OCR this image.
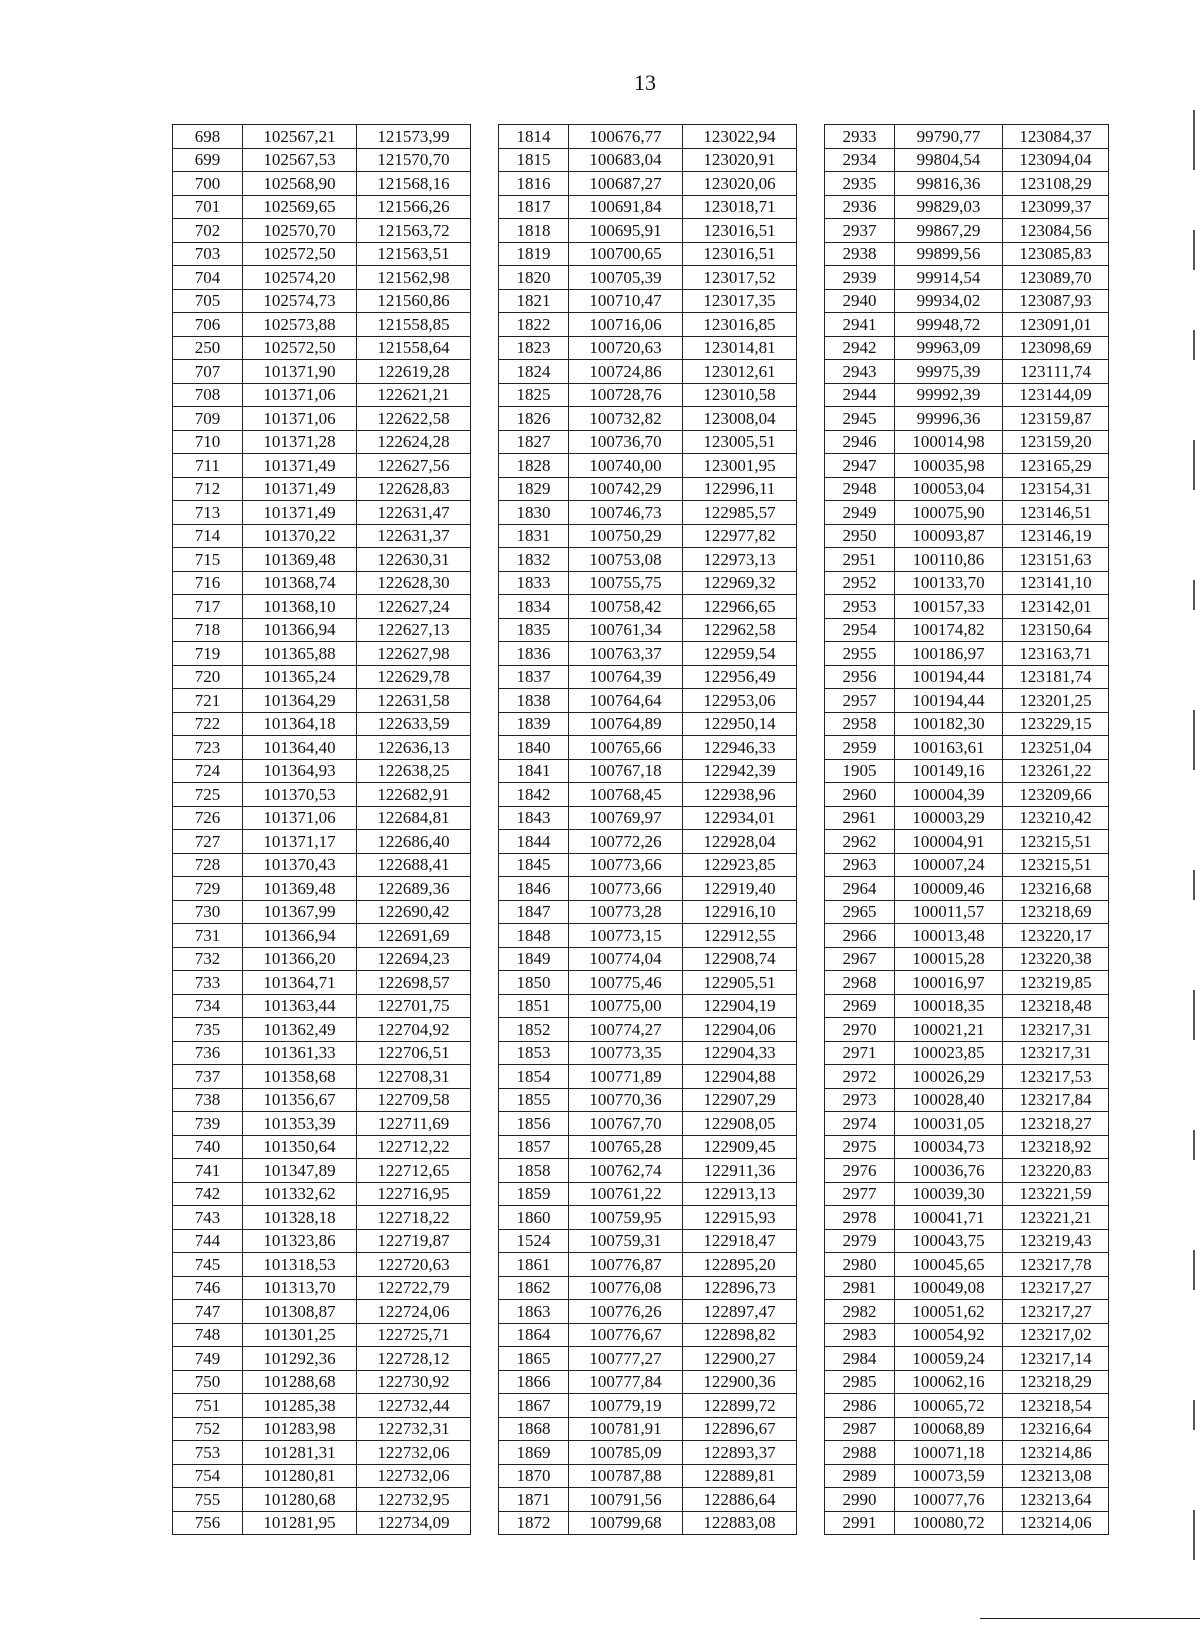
13
698	102567,21	121573,99		1814	100676,77	123022,94		2933	99790,77	123084,37
699	102567,53	121570,70		1815	100683,04	123020,91		2934	99804,54	123094,04
700	102568,90	121568,16		1816	100687,27	123020,06		2935	99816,36	123108,29
701	102569,65	121566,26		1817	100691,84	123018,71		2936	99829,03	123099,37
702	102570,70	121563,72		1818	100695,91	123016,51		2937	99867,29	123084,56
703	102572,50	121563,51		1819	100700,65	123016,51		2938	99899,56	123085,83
704	102574,20	121562,98		1820	100705,39	123017,52		2939	99914,54	123089,70
705	102574,73	121560,86		1821	100710,47	123017,35		2940	99934,02	123087,93
706	102573,88	121558,85		1822	100716,06	123016,85		2941	99948,72	123091,01
250	102572,50	121558,64		1823	100720,63	123014,81		2942	99963,09	123098,69
707	101371,90	122619,28		1824	100724,86	123012,61		2943	99975,39	123111,74
708	101371,06	122621,21		1825	100728,76	123010,58		2944	99992,39	123144,09
709	101371,06	122622,58		1826	100732,82	123008,04		2945	99996,36	123159,87
710	101371,28	122624,28		1827	100736,70	123005,51		2946	100014,98	123159,20
711	101371,49	122627,56		1828	100740,00	123001,95		2947	100035,98	123165,29
712	101371,49	122628,83		1829	100742,29	122996,11		2948	100053,04	123154,31
713	101371,49	122631,47		1830	100746,73	122985,57		2949	100075,90	123146,51
714	101370,22	122631,37		1831	100750,29	122977,82		2950	100093,87	123146,19
715	101369,48	122630,31		1832	100753,08	122973,13		2951	100110,86	123151,63
716	101368,74	122628,30		1833	100755,75	122969,32		2952	100133,70	123141,10
717	101368,10	122627,24		1834	100758,42	122966,65		2953	100157,33	123142,01
718	101366,94	122627,13		1835	100761,34	122962,58		2954	100174,82	123150,64
719	101365,88	122627,98		1836	100763,37	122959,54		2955	100186,97	123163,71
720	101365,24	122629,78		1837	100764,39	122956,49		2956	100194,44	123181,74
721	101364,29	122631,58		1838	100764,64	122953,06		2957	100194,44	123201,25
722	101364,18	122633,59		1839	100764,89	122950,14		2958	100182,30	123229,15
723	101364,40	122636,13		1840	100765,66	122946,33		2959	100163,61	123251,04
724	101364,93	122638,25		1841	100767,18	122942,39		1905	100149,16	123261,22
725	101370,53	122682,91		1842	100768,45	122938,96		2960	100004,39	123209,66
726	101371,06	122684,81		1843	100769,97	122934,01		2961	100003,29	123210,42
727	101371,17	122686,40		1844	100772,26	122928,04		2962	100004,91	123215,51
728	101370,43	122688,41		1845	100773,66	122923,85		2963	100007,24	123215,51
729	101369,48	122689,36		1846	100773,66	122919,40		2964	100009,46	123216,68
730	101367,99	122690,42		1847	100773,28	122916,10		2965	100011,57	123218,69
731	101366,94	122691,69		1848	100773,15	122912,55		2966	100013,48	123220,17
732	101366,20	122694,23		1849	100774,04	122908,74		2967	100015,28	123220,38
733	101364,71	122698,57		1850	100775,46	122905,51		2968	100016,97	123219,85
734	101363,44	122701,75		1851	100775,00	122904,19		2969	100018,35	123218,48
735	101362,49	122704,92		1852	100774,27	122904,06		2970	100021,21	123217,31
736	101361,33	122706,51		1853	100773,35	122904,33		2971	100023,85	123217,31
737	101358,68	122708,31		1854	100771,89	122904,88		2972	100026,29	123217,53
738	101356,67	122709,58		1855	100770,36	122907,29		2973	100028,40	123217,84
739	101353,39	122711,69		1856	100767,70	122908,05		2974	100031,05	123218,27
740	101350,64	122712,22		1857	100765,28	122909,45		2975	100034,73	123218,92
741	101347,89	122712,65		1858	100762,74	122911,36		2976	100036,76	123220,83
742	101332,62	122716,95		1859	100761,22	122913,13		2977	100039,30	123221,59
743	101328,18	122718,22		1860	100759,95	122915,93		2978	100041,71	123221,21
744	101323,86	122719,87		1524	100759,31	122918,47		2979	100043,75	123219,43
745	101318,53	122720,63		1861	100776,87	122895,20		2980	100045,65	123217,78
746	101313,70	122722,79		1862	100776,08	122896,73		2981	100049,08	123217,27
747	101308,87	122724,06		1863	100776,26	122897,47		2982	100051,62	123217,27
748	101301,25	122725,71		1864	100776,67	122898,82		2983	100054,92	123217,02
749	101292,36	122728,12		1865	100777,27	122900,27		2984	100059,24	123217,14
750	101288,68	122730,92		1866	100777,84	122900,36		2985	100062,16	123218,29
751	101285,38	122732,44		1867	100779,19	122899,72		2986	100065,72	123218,54
752	101283,98	122732,31		1868	100781,91	122896,67		2987	100068,89	123216,64
753	101281,31	122732,06		1869	100785,09	122893,37		2988	100071,18	123214,86
754	101280,81	122732,06		1870	100787,88	122889,81		2989	100073,59	123213,08
755	101280,68	122732,95		1871	100791,56	122886,64		2990	100077,76	123213,64
756	101281,95	122734,09		1872	100799,68	122883,08		2991	100080,72	123214,06
